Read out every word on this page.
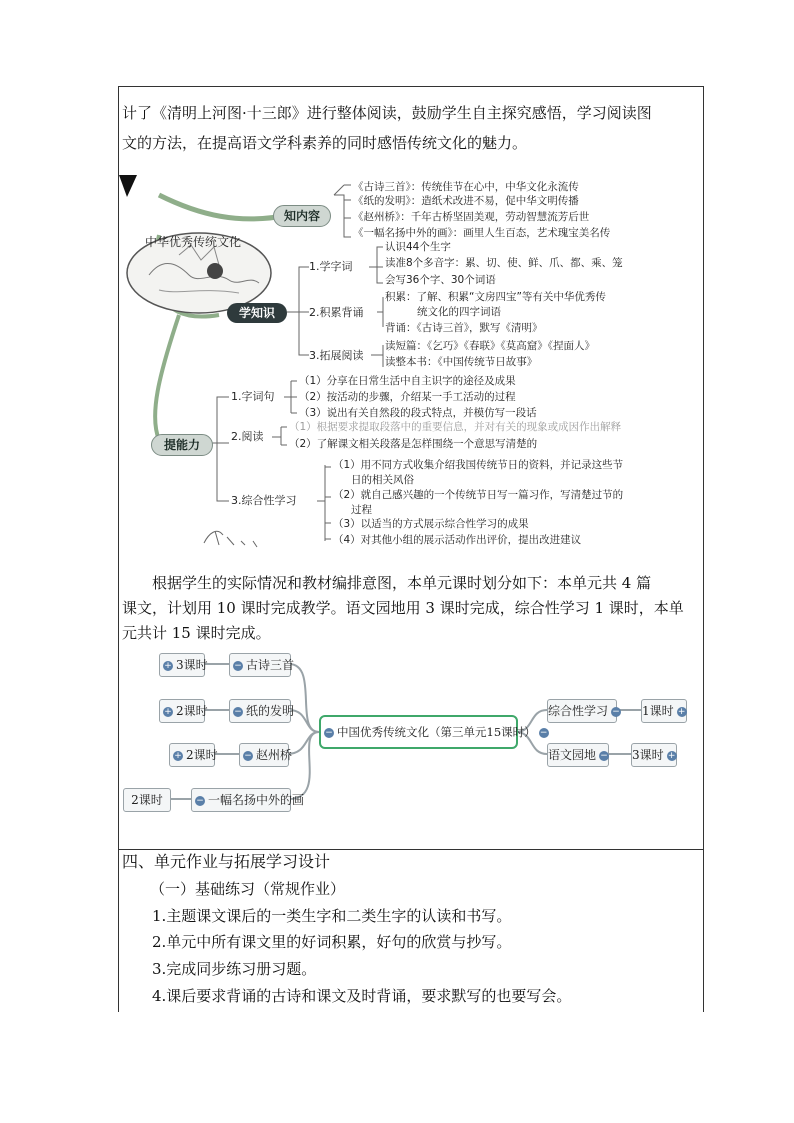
计了《清明上河图·十三郎》进行整体阅读，鼓励学生自主探究感悟，学习阅读图
文的方法，在提高语文学科素养的同时感悟传统文化的魅力。
中华优秀传统文化
知内容
《古诗三首》：传统佳节在心中，中华文化永流传
《纸的发明》：造纸术改进不易，促中华文明传播
《赵州桥》：千年古桥坚固美观，劳动智慧流芳后世
《一幅名扬中外的画》：画里人生百态，艺术瑰宝美名传
学知识
1.学字词
认识44个生字
读准8个多音字：累、切、使、鲜、爪、都、乘、笼
会写36个字、30个词语
2.积累背诵
积累：了解、积累“文房四宝”等有关中华优秀传
统文化的四字词语
背诵：《古诗三首》，默写《清明》
3.拓展阅读
读短篇：《乞巧》《春联》《莫高窟》《捏面人》
读整本书：《中国传统节日故事》
提能力
1.字词句
（1）分享在日常生活中自主识字的途径及成果
（2）按活动的步骤，介绍某一手工活动的过程
（3）说出有关自然段的段式特点，并模仿写一段话
2.阅读
（1）根据要求提取段落中的重要信息，并对有关的现象或成因作出解释
（2）了解课文相关段落是怎样围绕一个意思写清楚的
3.综合性学习
（1）用不同方式收集介绍我国传统节日的资料，并记录这些节
日的相关风俗
（2）就自己感兴趣的一个传统节日写一篇习作，写清楚过节的
过程
（3）以适当的方式展示综合性学习的成果
（4）对其他小组的展示活动作出评价，提出改进建议
根据学生的实际情况和教材编排意图，本单元课时划分如下：本单元共 4 篇
课文，计划用 10 课时完成教学。语文园地用 3 课时完成，综合性学习 1 课时，本单
元共计 15 课时完成。
− 中国优秀传统文化（第三单元15课时） −
+ 3课时	− 古诗三首
+ 2课时	− 纸的发明
+ 2课时	− 赵州桥
2课时	− 一幅名扬中外的画
综合性学习 − 1课时 +
语文园地 − 3课时 +
四、单元作业与拓展学习设计
（一）基础练习（常规作业）
1.主题课文课后的一类生字和二类生字的认读和书写。
2.单元中所有课文里的好词积累，好句的欣赏与抄写。
3.完成同步练习册习题。
4.课后要求背诵的古诗和课文及时背诵，要求默写的也要写会。
